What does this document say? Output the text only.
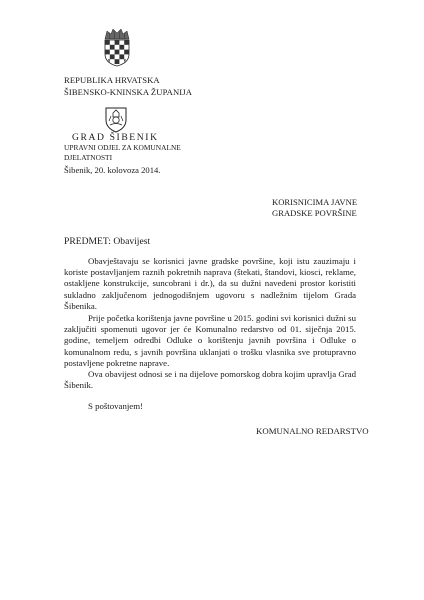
REPUBLIKA HRVATSKA
ŠIBENSKO-KNINSKA ŽUPANIJA
GRAD ŠIBENIK
UPRAVNI ODJEL ZA KOMUNALNE
DJELATNOSTI
Šibenik, 20. kolovoza 2014.
KORISNICIMA JAVNE
GRADSKE POVRŠINE
PREDMET: Obavijest

Obavještavaju se korisnici javne gradske površine, koji istu zauzimaju i koriste postavljanjem raznih pokretnih naprava (štekati, štandovi, kiosci, reklame, ostakljene konstrukcije, suncobrani i dr.), da su dužni navedeni prostor koristiti sukladno zaključenom jednogodišnjem ugovoru s nadležnim tijelom Grada Šibenika.

Prije početka korištenja javne površine u 2015. godini svi korisnici dužni su zaključiti spomenuti ugovor jer će Komunalno redarstvo od 01. siječnja 2015. godine, temeljem odredbi Odluke o korištenju javnih površina i Odluke o komunalnom redu, s javnih površina uklanjati o trošku vlasnika sve protupravno postavljene pokretne naprave.

Ova obavijest odnosi se i na dijelove pomorskog dobra kojim upravlja Grad Šibenik.

S poštovanjem!
KOMUNALNO REDARSTVO
